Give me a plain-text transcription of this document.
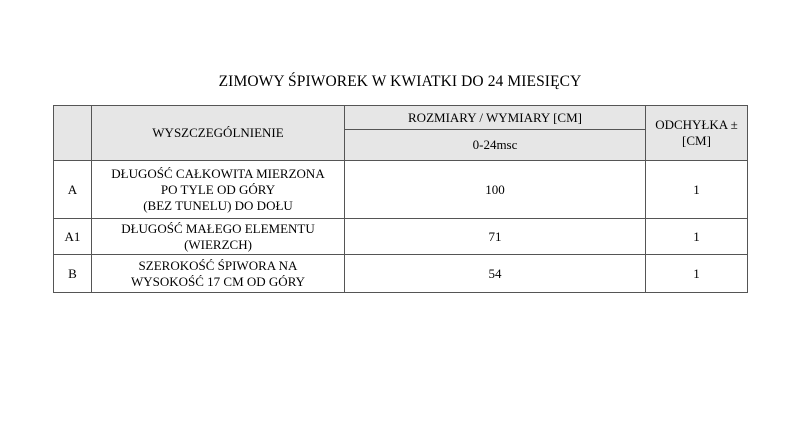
ZIMOWY ŚPIWOREK W KWIATKI DO 24 MIESIĘCY
	WYSZCZEGÓLNIENIE	ROZMIARY / WYMIARY [CM]	ODCHYŁKA ± [CM]
		0-24msc	
A	DŁUGOŚĆ CAŁKOWITA MIERZONA
PO TYLE OD GÓRY
(BEZ TUNELU) DO DOŁU	100	1
A1	DŁUGOŚĆ MAŁEGO ELEMENTU
(WIERZCH)	71	1
B	SZEROKOŚĆ ŚPIWORA NA
WYSOKOŚĆ 17 CM OD GÓRY	54	1
